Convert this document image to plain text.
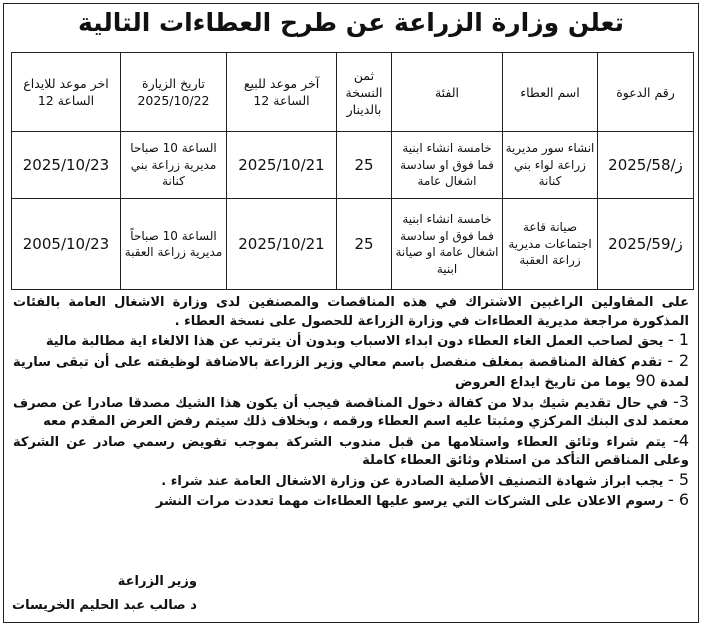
تعلن وزارة الزراعة عن طرح العطاءات التالية
رقم الدعوة	اسم العطاء	الفئة	ثمن النسخة بالدينار	آخر موعد للبيع الساعة 12	تاريخ الزيارة 2025/10/22	اخر موعد للايداع الساعة 12
ز/2025/58	انشاء سور مديرية زراعة لواء بني كنانة	خامسة انشاء ابنية فما فوق او سادسة اشغال عامة	25	2025/10/21	الساعة 10 صباحا مديرية زراعة بني كنانة	2025/10/23
ز/2025/59	صيانة قاعة اجتماعات مديرية زراعة العقبة	خامسة انشاء ابنية فما فوق او سادسة اشغال عامة او صيانة ابنية	25	2025/10/21	الساعة 10 صباحاً مديرية زراعة العقبة	2005/10/23

على المقاولين الراغبين الاشتراك في هذه المناقصات والمصنفين لدى وزارة الاشغال العامة بالفئات المذكورة مراجعة مديرية العطاءات في وزارة الزراعة للحصول على نسخة العطاء .

1 - يحق لصاحب العمل الغاء العطاء دون ابداء الاسباب وبدون أن يترتب عن هذا الالغاء اية مطالبة مالية

2 - تقدم كفالة المناقصة بمغلف منفصل باسم معالي وزير الزراعة بالاضافة لوظيفته على أن تبقى سارية لمدة 90 يوما من تاريخ ايداع العروض

3- في حال تقديم شيك بدلا من كفالة دخول المناقصة فيجب أن يكون هذا الشيك مصدقا صادرا عن مصرف معتمد لدى البنك المركزي ومثبتا عليه اسم العطاء ورقمه ، وبخلاف ذلك سيتم رفض العرض المقدم معه

4- يتم شراء وثائق العطاء واستلامها من قبل مندوب الشركة بموجب تفويض رسمي صادر عن الشركة وعلى المناقص التأكد من استلام وثائق العطاء كاملة

5 - يجب ابراز شهادة التصنيف الأصلية الصادرة عن وزارة الاشغال العامة عند شراء .

6 - رسوم الاعلان على الشركات التي يرسو عليها العطاءات مهما تعددت مرات النشر

وزير الزراعة
د صالب عبد الحليم الخريسات
